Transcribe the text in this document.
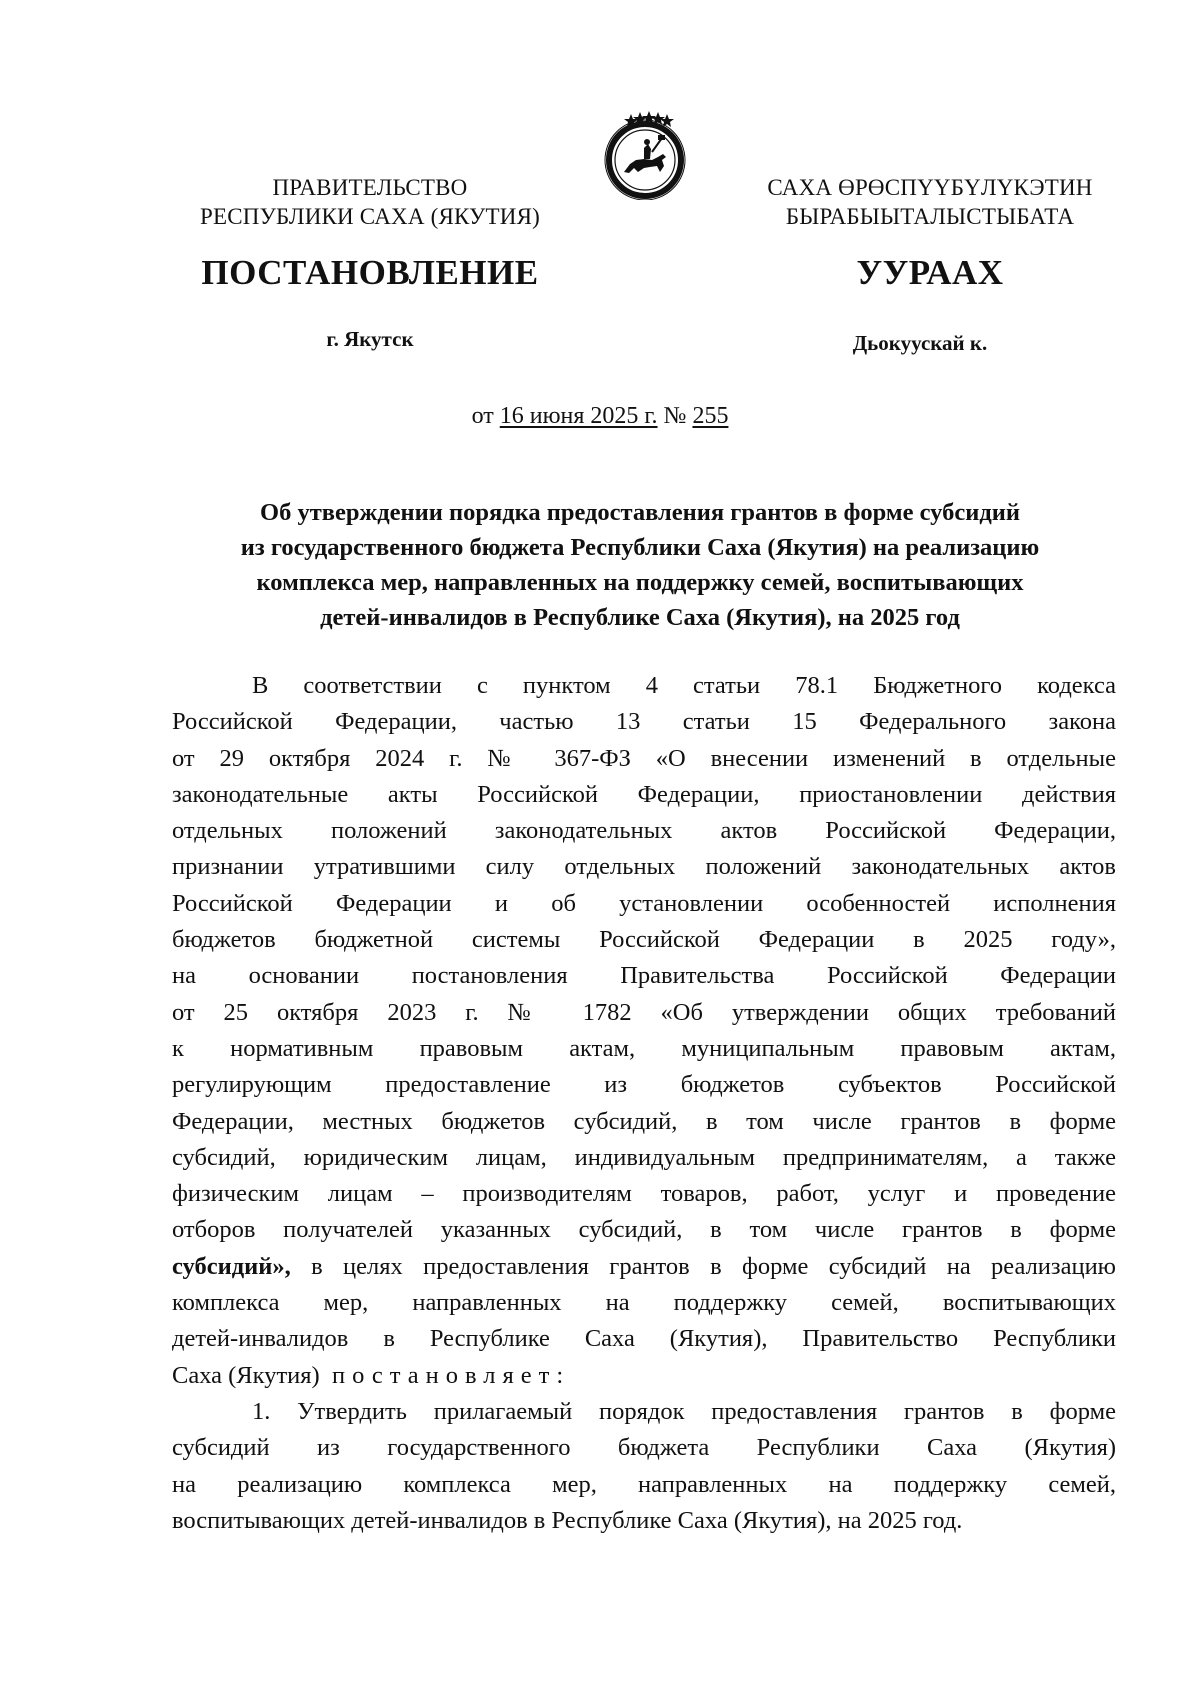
ПРАВИТЕЛЬСТВО
РЕСПУБЛИКИ САХА (ЯКУТИЯ)
САХА ӨРӨСПҮҮБҮЛҮКЭТИН
БЫРАБЫЫТАЛЫСТЫБАТА
ПОСТАНОВЛЕНИЕ	УУРААХ
г. Якутск	Дьокуускай к.
от 16 июня 2025 г. № 255
Об утверждении порядка предоставления грантов в форме субсидий
из государственного бюджета Республики Саха (Якутия) на реализацию
комплекса мер, направленных на поддержку семей, воспитывающих
детей-инвалидов в Республике Саха (Якутия), на 2025 год
В соответствии с пунктом 4 статьи 78.1 Бюджетного кодекса
Российской Федерации, частью 13 статьи 15 Федерального закона
от 29 октября 2024 г. № 367-ФЗ «О внесении изменений в отдельные
законодательные акты Российской Федерации, приостановлении действия
отдельных положений законодательных актов Российской Федерации,
признании утратившими силу отдельных положений законодательных актов
Российской Федерации и об установлении особенностей исполнения
бюджетов бюджетной системы Российской Федерации в 2025 году»,
на основании постановления Правительства Российской Федерации
от 25 октября 2023 г. № 1782 «Об утверждении общих требований
к нормативным правовым актам, муниципальным правовым актам,
регулирующим предоставление из бюджетов субъектов Российской
Федерации, местных бюджетов субсидий, в том числе грантов в форме
субсидий, юридическим лицам, индивидуальным предпринимателям, а также
физическим лицам – производителям товаров, работ, услуг и проведение
отборов получателей указанных субсидий, в том числе грантов в форме
субсидий», в целях предоставления грантов в форме субсидий на реализацию
комплекса мер, направленных на поддержку семей, воспитывающих
детей-инвалидов в Республике Саха (Якутия), Правительство Республики
Саха (Якутия) постановляет:
1. Утвердить прилагаемый порядок предоставления грантов в форме
субсидий из государственного бюджета Республики Саха (Якутия)
на реализацию комплекса мер, направленных на поддержку семей,
воспитывающих детей-инвалидов в Республике Саха (Якутия), на 2025 год.
